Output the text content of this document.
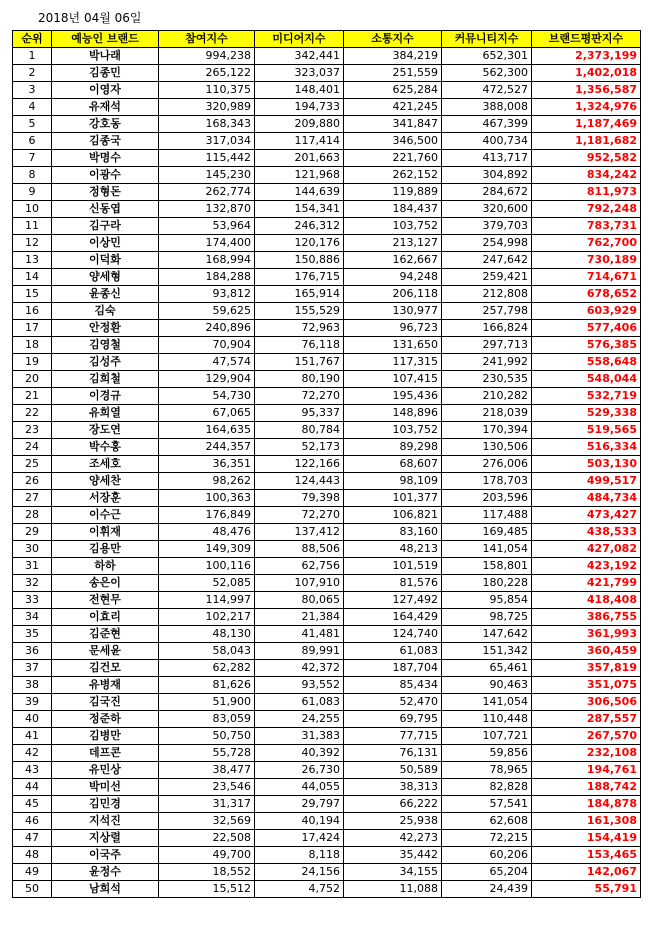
2018년 04월 06일
순위	예능인 브랜드	참여지수	미디어지수	소통지수	커뮤니티지수	브랜드평판지수
1	박나래	994,238	342,441	384,219	652,301	2,373,199
2	김종민	265,122	323,037	251,559	562,300	1,402,018
3	이영자	110,375	148,401	625,284	472,527	1,356,587
4	유재석	320,989	194,733	421,245	388,008	1,324,976
5	강호동	168,343	209,880	341,847	467,399	1,187,469
6	김종국	317,034	117,414	346,500	400,734	1,181,682
7	박명수	115,442	201,663	221,760	413,717	952,582
8	이광수	145,230	121,968	262,152	304,892	834,242
9	정형돈	262,774	144,639	119,889	284,672	811,973
10	신동엽	132,870	154,341	184,437	320,600	792,248
11	김구라	53,964	246,312	103,752	379,703	783,731
12	이상민	174,400	120,176	213,127	254,998	762,700
13	이덕화	168,994	150,886	162,667	247,642	730,189
14	양세형	184,288	176,715	94,248	259,421	714,671
15	윤종신	93,812	165,914	206,118	212,808	678,652
16	김숙	59,625	155,529	130,977	257,798	603,929
17	안정환	240,896	72,963	96,723	166,824	577,406
18	김영철	70,904	76,118	131,650	297,713	576,385
19	김성주	47,574	151,767	117,315	241,992	558,648
20	김희철	129,904	80,190	107,415	230,535	548,044
21	이경규	54,730	72,270	195,436	210,282	532,719
22	유희열	67,065	95,337	148,896	218,039	529,338
23	장도연	164,635	80,784	103,752	170,394	519,565
24	박수홍	244,357	52,173	89,298	130,506	516,334
25	조세호	36,351	122,166	68,607	276,006	503,130
26	양세찬	98,262	124,443	98,109	178,703	499,517
27	서장훈	100,363	79,398	101,377	203,596	484,734
28	이수근	176,849	72,270	106,821	117,488	473,427
29	이휘재	48,476	137,412	83,160	169,485	438,533
30	김용만	149,309	88,506	48,213	141,054	427,082
31	하하	100,116	62,756	101,519	158,801	423,192
32	송은이	52,085	107,910	81,576	180,228	421,799
33	전현무	114,997	80,065	127,492	95,854	418,408
34	이효리	102,217	21,384	164,429	98,725	386,755
35	김준현	48,130	41,481	124,740	147,642	361,993
36	문세윤	58,043	89,991	61,083	151,342	360,459
37	김건모	62,282	42,372	187,704	65,461	357,819
38	유병재	81,626	93,552	85,434	90,463	351,075
39	김국진	51,900	61,083	52,470	141,054	306,506
40	정준하	83,059	24,255	69,795	110,448	287,557
41	김병만	50,750	31,383	77,715	107,721	267,570
42	데프콘	55,728	40,392	76,131	59,856	232,108
43	유민상	38,477	26,730	50,589	78,965	194,761
44	박미선	23,546	44,055	38,313	82,828	188,742
45	김민경	31,317	29,797	66,222	57,541	184,878
46	지석진	32,569	40,194	25,938	62,608	161,308
47	지상렬	22,508	17,424	42,273	72,215	154,419
48	이국주	49,700	8,118	35,442	60,206	153,465
49	윤정수	18,552	24,156	34,155	65,204	142,067
50	남희석	15,512	4,752	11,088	24,439	55,791
